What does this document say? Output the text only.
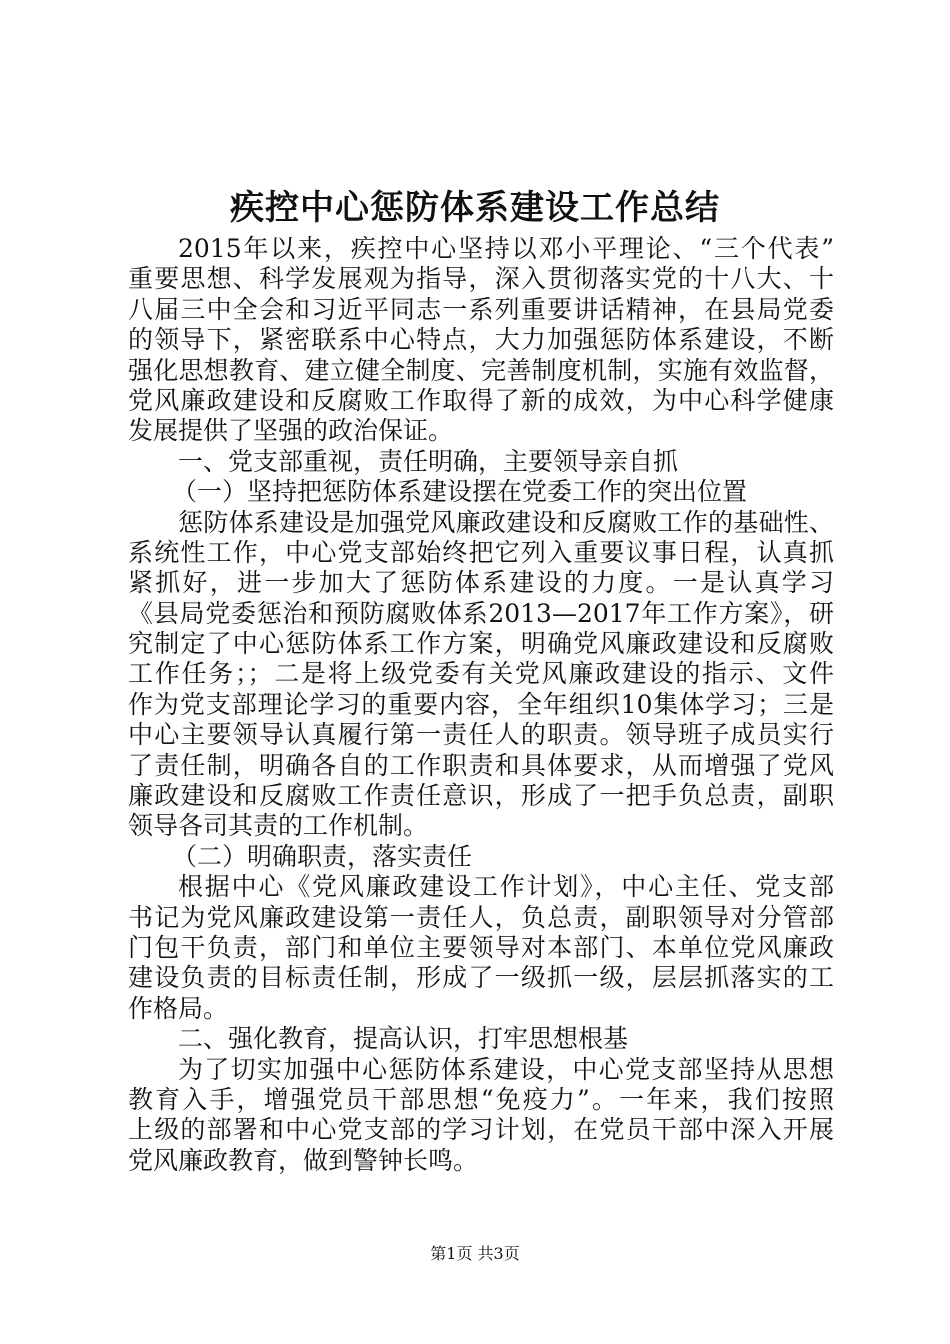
疾控中心惩防体系建设工作总结
2015年以来，疾控中心坚持以邓小平理论、“三个代表”
重要思想、科学发展观为指导，深入贯彻落实党的十八大、十
八届三中全会和习近平同志一系列重要讲话精神，在县局党委
的领导下，紧密联系中心特点，大力加强惩防体系建设，不断
强化思想教育、建立健全制度、完善制度机制，实施有效监督，
党风廉政建设和反腐败工作取得了新的成效，为中心科学健康
发展提供了坚强的政治保证。
一、党支部重视，责任明确，主要领导亲自抓
（一）坚持把惩防体系建设摆在党委工作的突出位置
惩防体系建设是加强党风廉政建设和反腐败工作的基础性、
系统性工作，中心党支部始终把它列入重要议事日程，认真抓
紧抓好，进一步加大了惩防体系建设的力度。一是认真学习
《县局党委惩治和预防腐败体系2013—2017年工作方案》，研
究制定了中心惩防体系工作方案，明确党风廉政建设和反腐败
工作任务；；二是将上级党委有关党风廉政建设的指示、文件
作为党支部理论学习的重要内容，全年组织10集体学习；三是
中心主要领导认真履行第一责任人的职责。领导班子成员实行
了责任制，明确各自的工作职责和具体要求，从而增强了党风
廉政建设和反腐败工作责任意识，形成了一把手负总责，副职
领导各司其责的工作机制。
（二）明确职责，落实责任
根据中心《党风廉政建设工作计划》，中心主任、党支部
书记为党风廉政建设第一责任人，负总责，副职领导对分管部
门包干负责，部门和单位主要领导对本部门、本单位党风廉政
建设负责的目标责任制，形成了一级抓一级，层层抓落实的工
作格局。
二、强化教育，提高认识，打牢思想根基
为了切实加强中心惩防体系建设，中心党支部坚持从思想
教育入手，增强党员干部思想“免疫力”。一年来，我们按照
上级的部署和中心党支部的学习计划，在党员干部中深入开展
党风廉政教育，做到警钟长鸣。
第1页 共3页
